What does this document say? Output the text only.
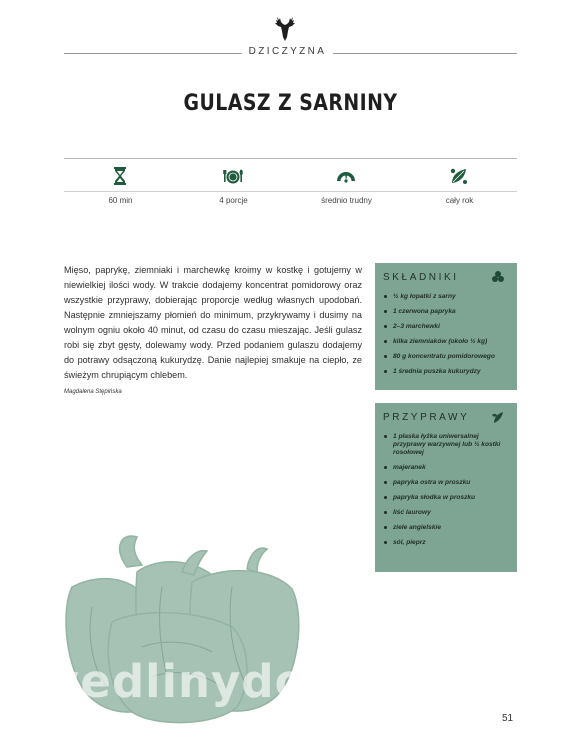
DZICZYZNA
GULASZ Z SARNINY
60 min	4 porcje	średnio trudny	cały rok
Mięso, paprykę, ziemniaki i marchewkę kroimy w kostkę i gotujemy w niewielkiej ilości wody. W trakcie dodajemy koncentrat pomidorowy oraz wszystkie przyprawy, dobierając proporcje według własnych upodobań. Następnie zmniejszamy płomień do minimum, przykrywamy i dusimy na wolnym ogniu około 40 minut, od czasu do czasu mieszając. Jeśli gulasz robi się zbyt gęsty, dolewamy wody. Przed podaniem gulaszu dodajemy do potrawy odsączoną kukurydzę. Danie najlepiej smakuje na ciepło, ze świeżym chrupiącym chlebem.
Magdalena Stępińska
SKŁADNIKI
½ kg łopatki z sarny
1 czerwona papryka
2–3 marchewki
kilka ziemniaków (około ½ kg)
80 g koncentratu pomidorowego
1 średnia puszka kukurydzy
PRZYPRAWY
1 płaska łyżka uniwersalnej przyprawy warzywnej lub ½ kostki rosołowej
majeranek
papryka ostra w proszku
papryka słodka w proszku
liść laurowy
ziele angielskie
sól, pieprz
wedlinydomowe.pl
51
